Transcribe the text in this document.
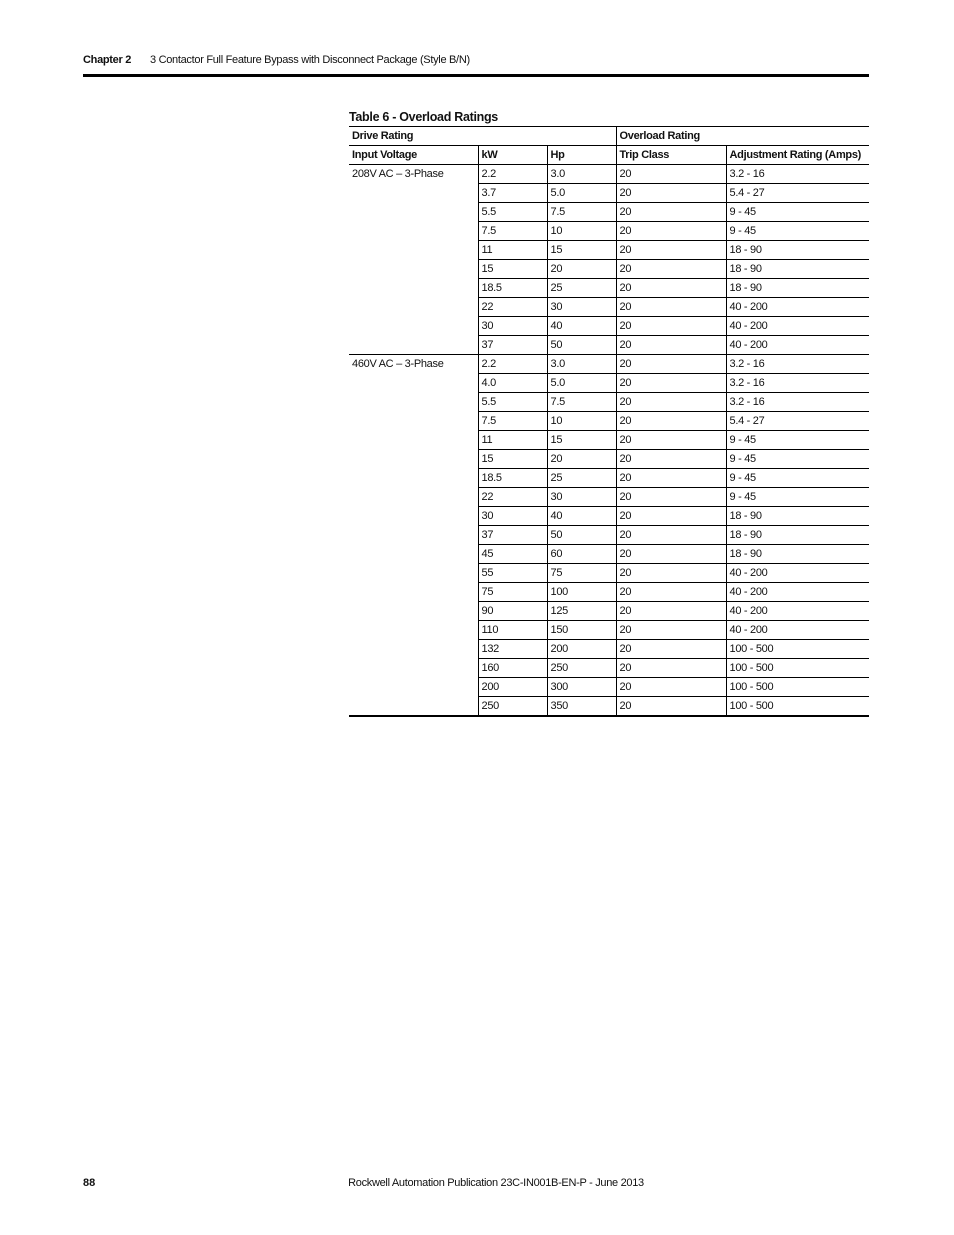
Chapter 2 3 Contactor Full Feature Bypass with Disconnect Package (Style B/N)
Table 6 - Overload Ratings
Drive Rating			Overload Rating	
Input Voltage	kW	Hp	Trip Class	Adjustment Rating (Amps)
208V AC – 3-Phase	2.2	3.0	20	3.2 - 16
	3.7	5.0	20	5.4 - 27
	5.5	7.5	20	9 - 45
	7.5	10	20	9 - 45
	11	15	20	18 - 90
	15	20	20	18 - 90
	18.5	25	20	18 - 90
	22	30	20	40 - 200
	30	40	20	40 - 200
	37	50	20	40 - 200
460V AC – 3-Phase	2.2	3.0	20	3.2 - 16
	4.0	5.0	20	3.2 - 16
	5.5	7.5	20	3.2 - 16
	7.5	10	20	5.4 - 27
	11	15	20	9 - 45
	15	20	20	9 - 45
	18.5	25	20	9 - 45
	22	30	20	9 - 45
	30	40	20	18 - 90
	37	50	20	18 - 90
	45	60	20	18 - 90
	55	75	20	40 - 200
	75	100	20	40 - 200
	90	125	20	40 - 200
	110	150	20	40 - 200
	132	200	20	100 - 500
	160	250	20	100 - 500
	200	300	20	100 - 500
	250	350	20	100 - 500
88	Rockwell Automation Publication 23C-IN001B-EN-P - June 2013
